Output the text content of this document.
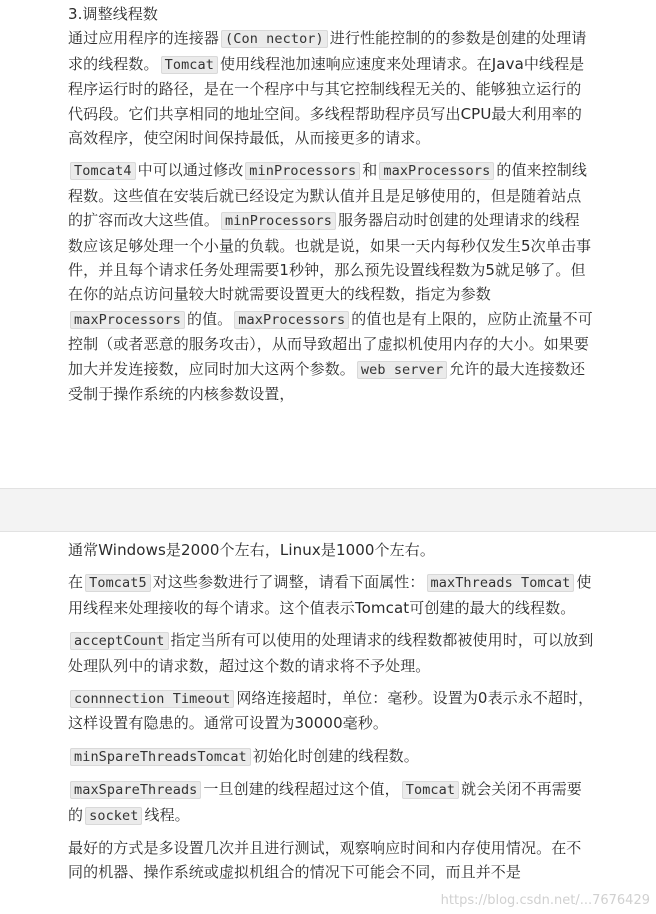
3.调整线程数

通过应用程序的连接器 (Con nector) 进行性能控制的的参数是创建的处理请求的线程数。 Tomcat 使用线程池加速响应速度来处理请求。在Java中线程是程序运行时的路径，是在一个程序中与其它控制线程无关的、能够独立运行的代码段。它们共享相同的地址空间。多线程帮助程序员写出CPU最大利用率的高效程序，使空闲时间保持最低，从而接更多的请求。

Tomcat4 中可以通过修改 minProcessors 和 maxProcessors 的值来控制线程数。这些值在安装后就已经设定为默认值并且是足够使用的，但是随着站点的扩容而改大这些值。 minProcessors 服务器启动时创建的处理请求的线程数应该足够处理一个小量的负载。也就是说，如果一天内每秒仅发生5次单击事件，并且每个请求任务处理需要1秒钟，那么预先设置线程数为5就足够了。但在你的站点访问量较大时就需要设置更大的线程数，指定为参数maxProcessors 的值。 maxProcessors 的值也是有上限的，应防止流量不可控制（或者恶意的服务攻击），从而导致超出了虚拟机使用内存的大小。如果要加大并发连接数，应同时加大这两个参数。 web server 允许的最大连接数还受制于操作系统的内核参数设置，

通常Windows是2000个左右，Linux是1000个左右。

在 Tomcat5 对这些参数进行了调整，请看下面属性： maxThreads Tomcat 使用线程来处理接收的每个请求。这个值表示Tomcat可创建的最大的线程数。

acceptCount 指定当所有可以使用的处理请求的线程数都被使用时，可以放到处理队列中的请求数，超过这个数的请求将不予处理。

connnection Timeout 网络连接超时，单位：毫秒。设置为0表示永不超时，这样设置有隐患的。通常可设置为30000毫秒。

minSpareThreadsTomcat 初始化时创建的线程数。

maxSpareThreads 一旦创建的线程超过这个值， Tomcat 就会关闭不再需要的 socket 线程。

最好的方式是多设置几次并且进行测试，观察响应时间和内存使用情况。在不同的机器、操作系统或虚拟机组合的情况下可能会不同，而且并不是

https://blog.csdn.net/...7676429
